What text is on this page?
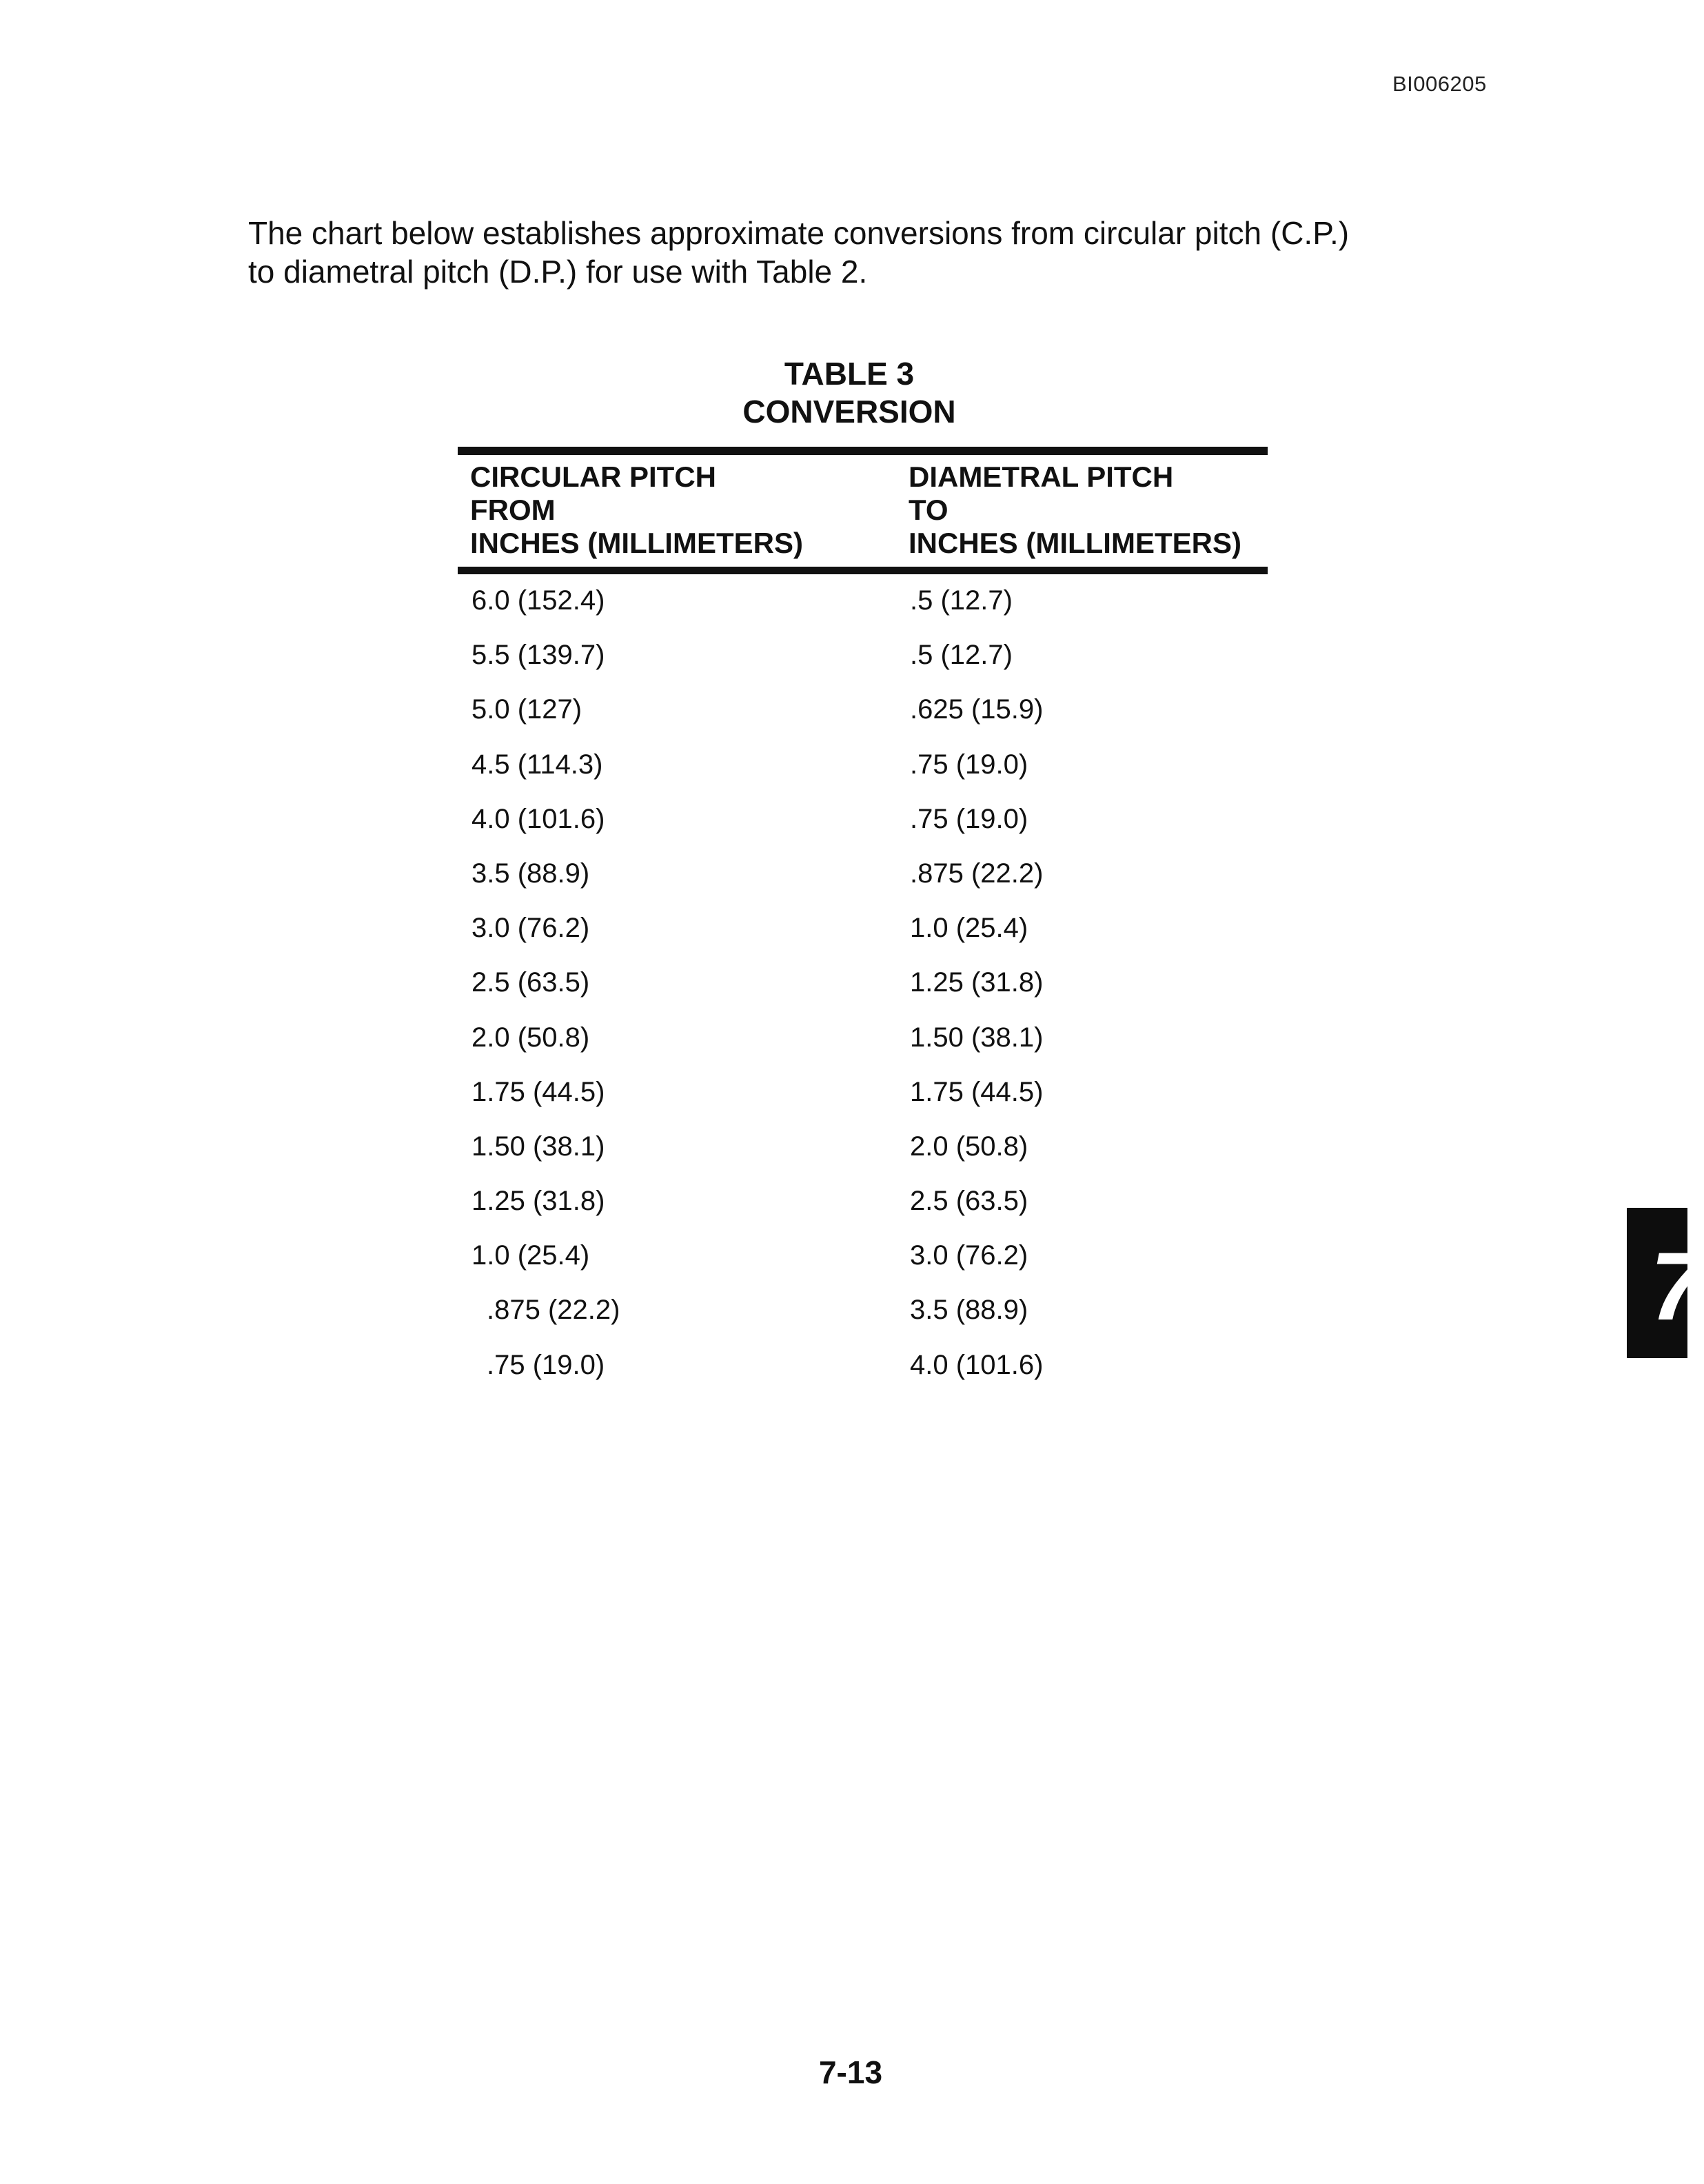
BI006205
The chart below establishes approximate conversions from circular pitch (C.P.)
to diametral pitch (D.P.) for use with Table 2.
TABLE 3
CONVERSION
CIRCULAR PITCH
FROM
INCHES (MILLIMETERS)
DIAMETRAL PITCH
TO
INCHES (MILLIMETERS)
6.0 (152.4)	.5 (12.7)
5.5 (139.7)	.5 (12.7)
5.0 (127)	.625 (15.9)
4.5 (114.3)	.75 (19.0)
4.0 (101.6)	.75 (19.0)
3.5 (88.9)	.875 (22.2)
3.0 (76.2)	1.0 (25.4)
2.5 (63.5)	1.25 (31.8)
2.0 (50.8)	1.50 (38.1)
1.75 (44.5)	1.75 (44.5)
1.50 (38.1)	2.0 (50.8)
1.25 (31.8)	2.5 (63.5)
1.0 (25.4)	3.0 (76.2)
.875 (22.2)	3.5 (88.9)
.75 (19.0)	4.0 (101.6)
7
7-13
